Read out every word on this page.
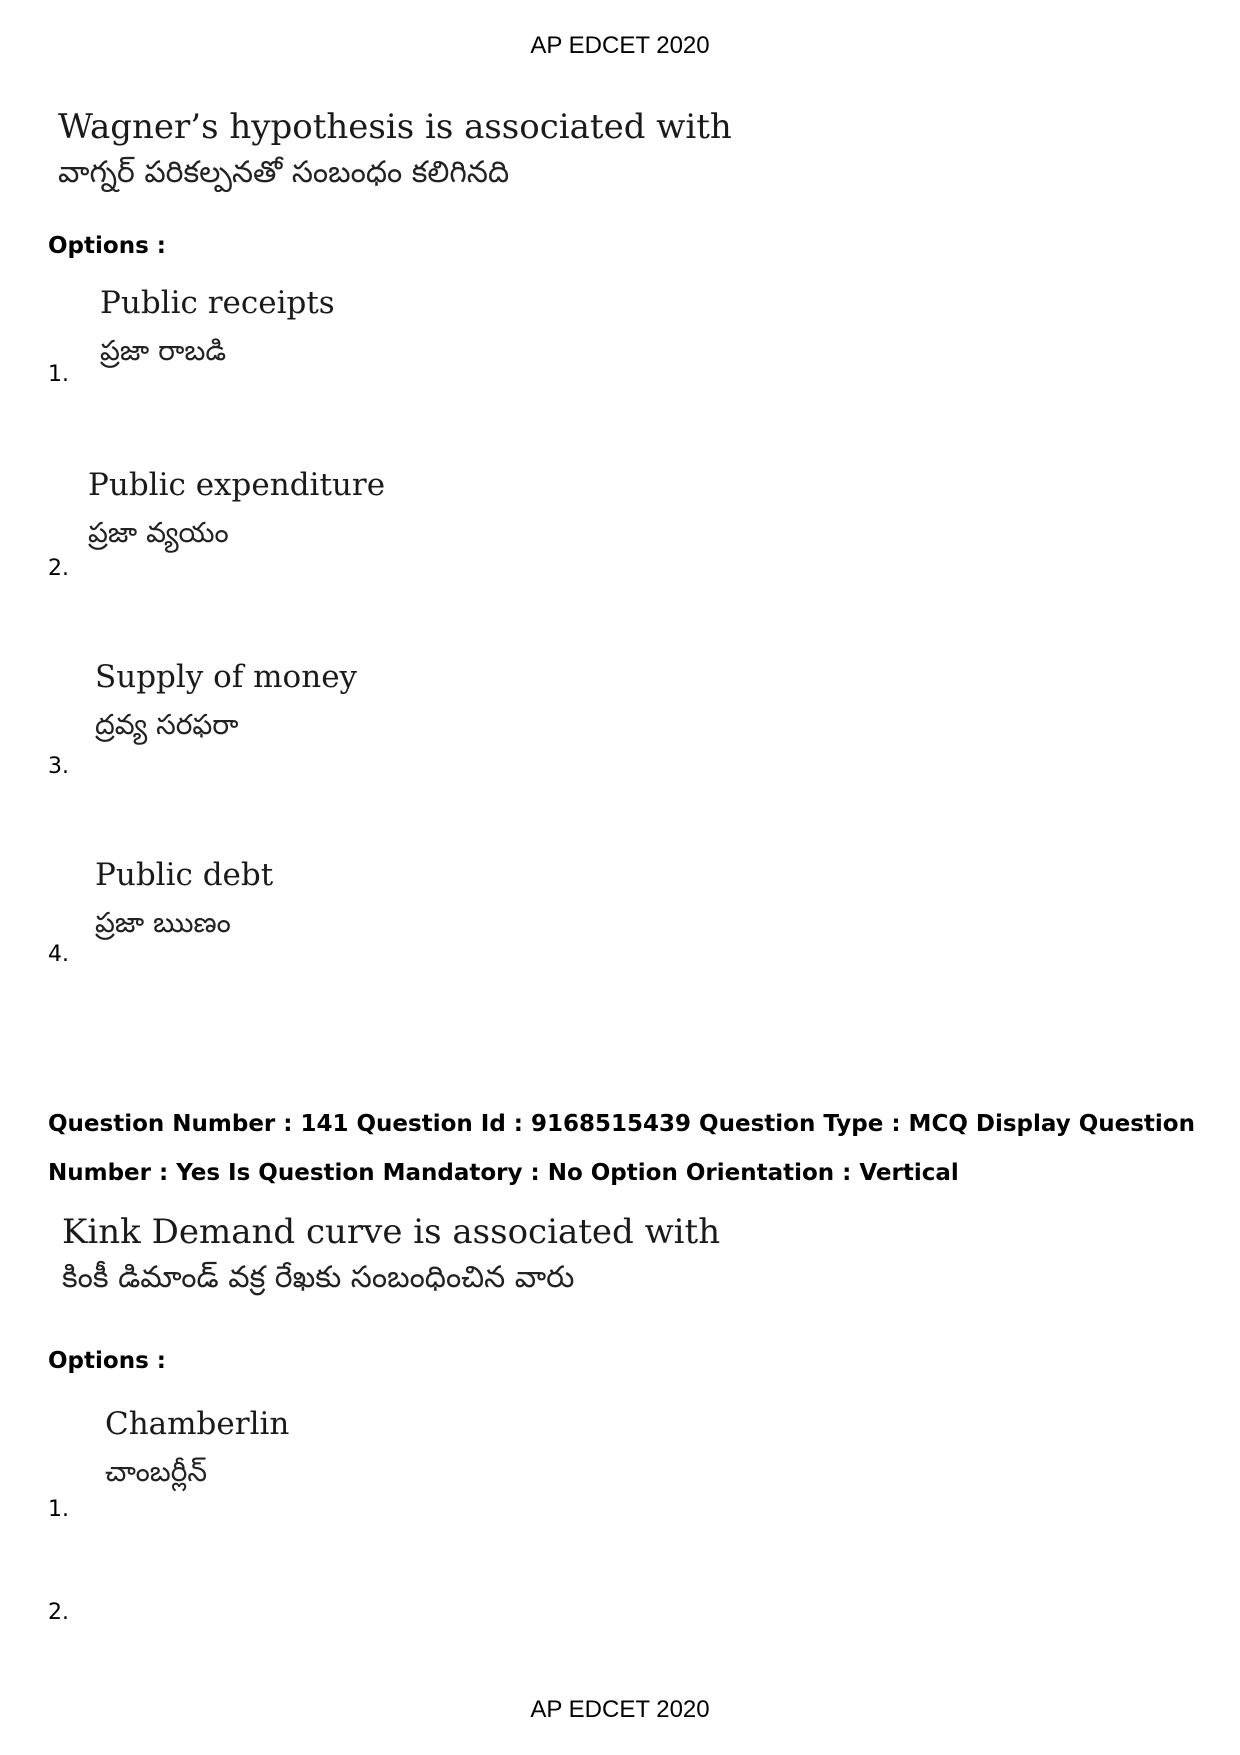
AP EDCET 2020
Wagner’s hypothesis is associated with
వాగ్నర్ పరికల్పనతో సంబంధం కలిగినది
Options :
Public receipts
ప్రజా రాబడి
1.
Public expenditure
ప్రజా వ్యయం
2.
Supply of money
ద్రవ్య సరఫరా
3.
Public debt
ప్రజా ఋణం
4.
Question Number : 141 Question Id : 9168515439 Question Type : MCQ Display Question
Number : Yes Is Question Mandatory : No Option Orientation : Vertical
Kink Demand curve is associated with
కింకీ డిమాండ్ వక్ర రేఖకు సంబంధించిన వారు
Options :
Chamberlin
చాంబర్లీన్
1.
2.
AP EDCET 2020
